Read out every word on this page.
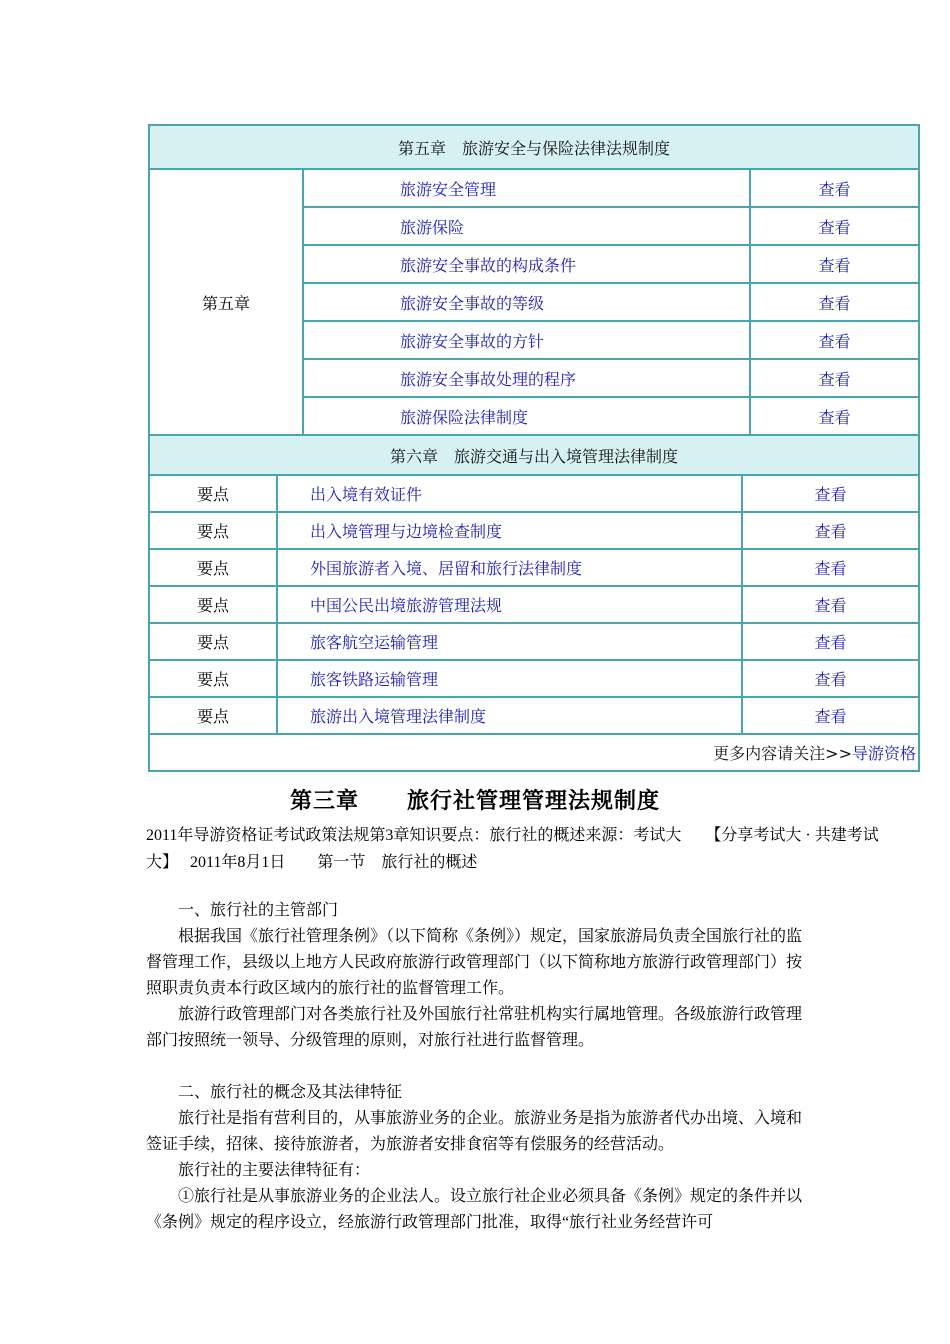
第五章　旅游安全与保险法律法规制度		
第五章	旅游安全管理	查看
	旅游保险	查看
	旅游安全事故的构成条件	查看
	旅游安全事故的等级	查看
	旅游安全事故的方针	查看
	旅游安全事故处理的程序	查看
	旅游保险法律制度	查看
第六章　旅游交通与出入境管理法律制度		
要点	出入境有效证件	查看
要点	出入境管理与边境检查制度	查看
要点	外国旅游者入境、居留和旅行法律制度	查看
要点	中国公民出境旅游管理法规	查看
要点	旅客航空运输管理	查看
要点	旅客铁路运输管理	查看
要点	旅游出入境管理法律制度	查看
更多内容请关注>>导游资格		
第三章 旅行社管理管理法规制度
2011年导游资格证考试政策法规第3章知识要点：旅行社的概述来源：考试大　　【分享考试大 · 共建考试
大】　 2011年8月1日　　第一节　旅行社的概述

一、旅行社的主管部门

根据我国《旅行社管理条例》（以下简称《条例》）规定，国家旅游局负责全国旅行社的监督管理工作，县级以上地方人民政府旅游行政管理部门（以下简称地方旅游行政管理部门）按照职责负责本行政区域内的旅行社的监督管理工作。

旅游行政管理部门对各类旅行社及外国旅行社常驻机构实行属地管理。各级旅游行政管理部门按照统一领导、分级管理的原则，对旅行社进行监督管理。

二、旅行社的概念及其法律特征

旅行社是指有营利目的，从事旅游业务的企业。旅游业务是指为旅游者代办出境、入境和签证手续，招徕、接待旅游者，为旅游者安排食宿等有偿服务的经营活动。

旅行社的主要法律特征有：

①旅行社是从事旅游业务的企业法人。设立旅行社企业必须具备《条例》规定的条件并以《条例》规定的程序设立，经旅游行政管理部门批准，取得“旅行社业务经营许可
